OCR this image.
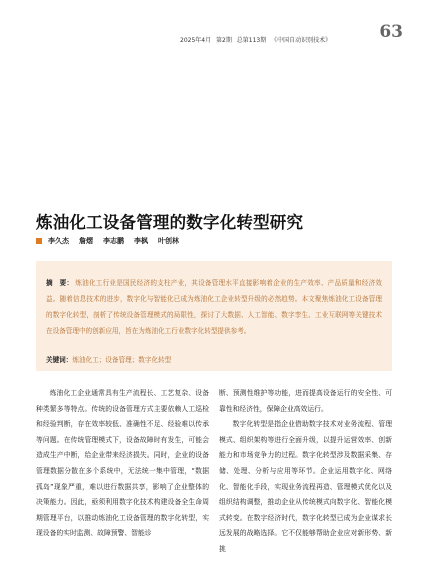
2025年4月 第2期 总第113期 《中国自动识别技术》	63
炼油化工设备管理的数字化转型研究
李久杰 詹熠 李志鹏 李枫 叶创林
摘　要： 炼油化工行业是国民经济的支柱产业，其设备管理水平直接影响着企业的生产效率、产品质量和经济效益。随着信息技术的进步，数字化与智能化已成为炼油化工企业转型升级的必然趋势。本文聚焦炼油化工设备管理的数字化转型，剖析了传统设备管理模式的局限性，探讨了大数据、人工智能、数字孪生、工业互联网等关键技术在设备管理中的创新应用，旨在为炼油化工行业数字化转型提供参考。
关键词：炼油化工；设备管理；数字化转型

炼油化工企业通常具有生产流程长、工艺复杂、设备种类繁多等特点。传统的设备管理方式主要依赖人工巡检和经验判断，存在效率较低、准确性不足、经验难以传承等问题。在传统管理模式下，设备故障时有发生，可能会造成生产中断，给企业带来经济损失。同时，企业的设备管理数据分散在多个系统中，无法统一集中管理，“数据孤岛”现象严重，难以进行数据共享，影响了企业整体的决策能力。因此，亟须利用数字化技术构建设备全生命周期管理平台，以推动炼油化工设备管理的数字化转型，实现设备的实时监测、故障预警、智能诊

断、预测性维护等功能，进而提高设备运行的安全性、可靠性和经济性，保障企业高效运行。

数字化转型是指企业借助数字技术对业务流程、管理模式、组织架构等进行全面升级，以提升运营效率、创新能力和市场竞争力的过程。数字化转型涉及数据采集、存储、处理、分析与应用等环节。企业运用数字化、网络化、智能化手段，实现业务流程再造、管理模式优化以及组织结构调整，推动企业从传统模式向数字化、智能化模式转变。在数字经济时代，数字化转型已成为企业谋求长远发展的战略选择。它不仅能够帮助企业应对新形势、新挑
